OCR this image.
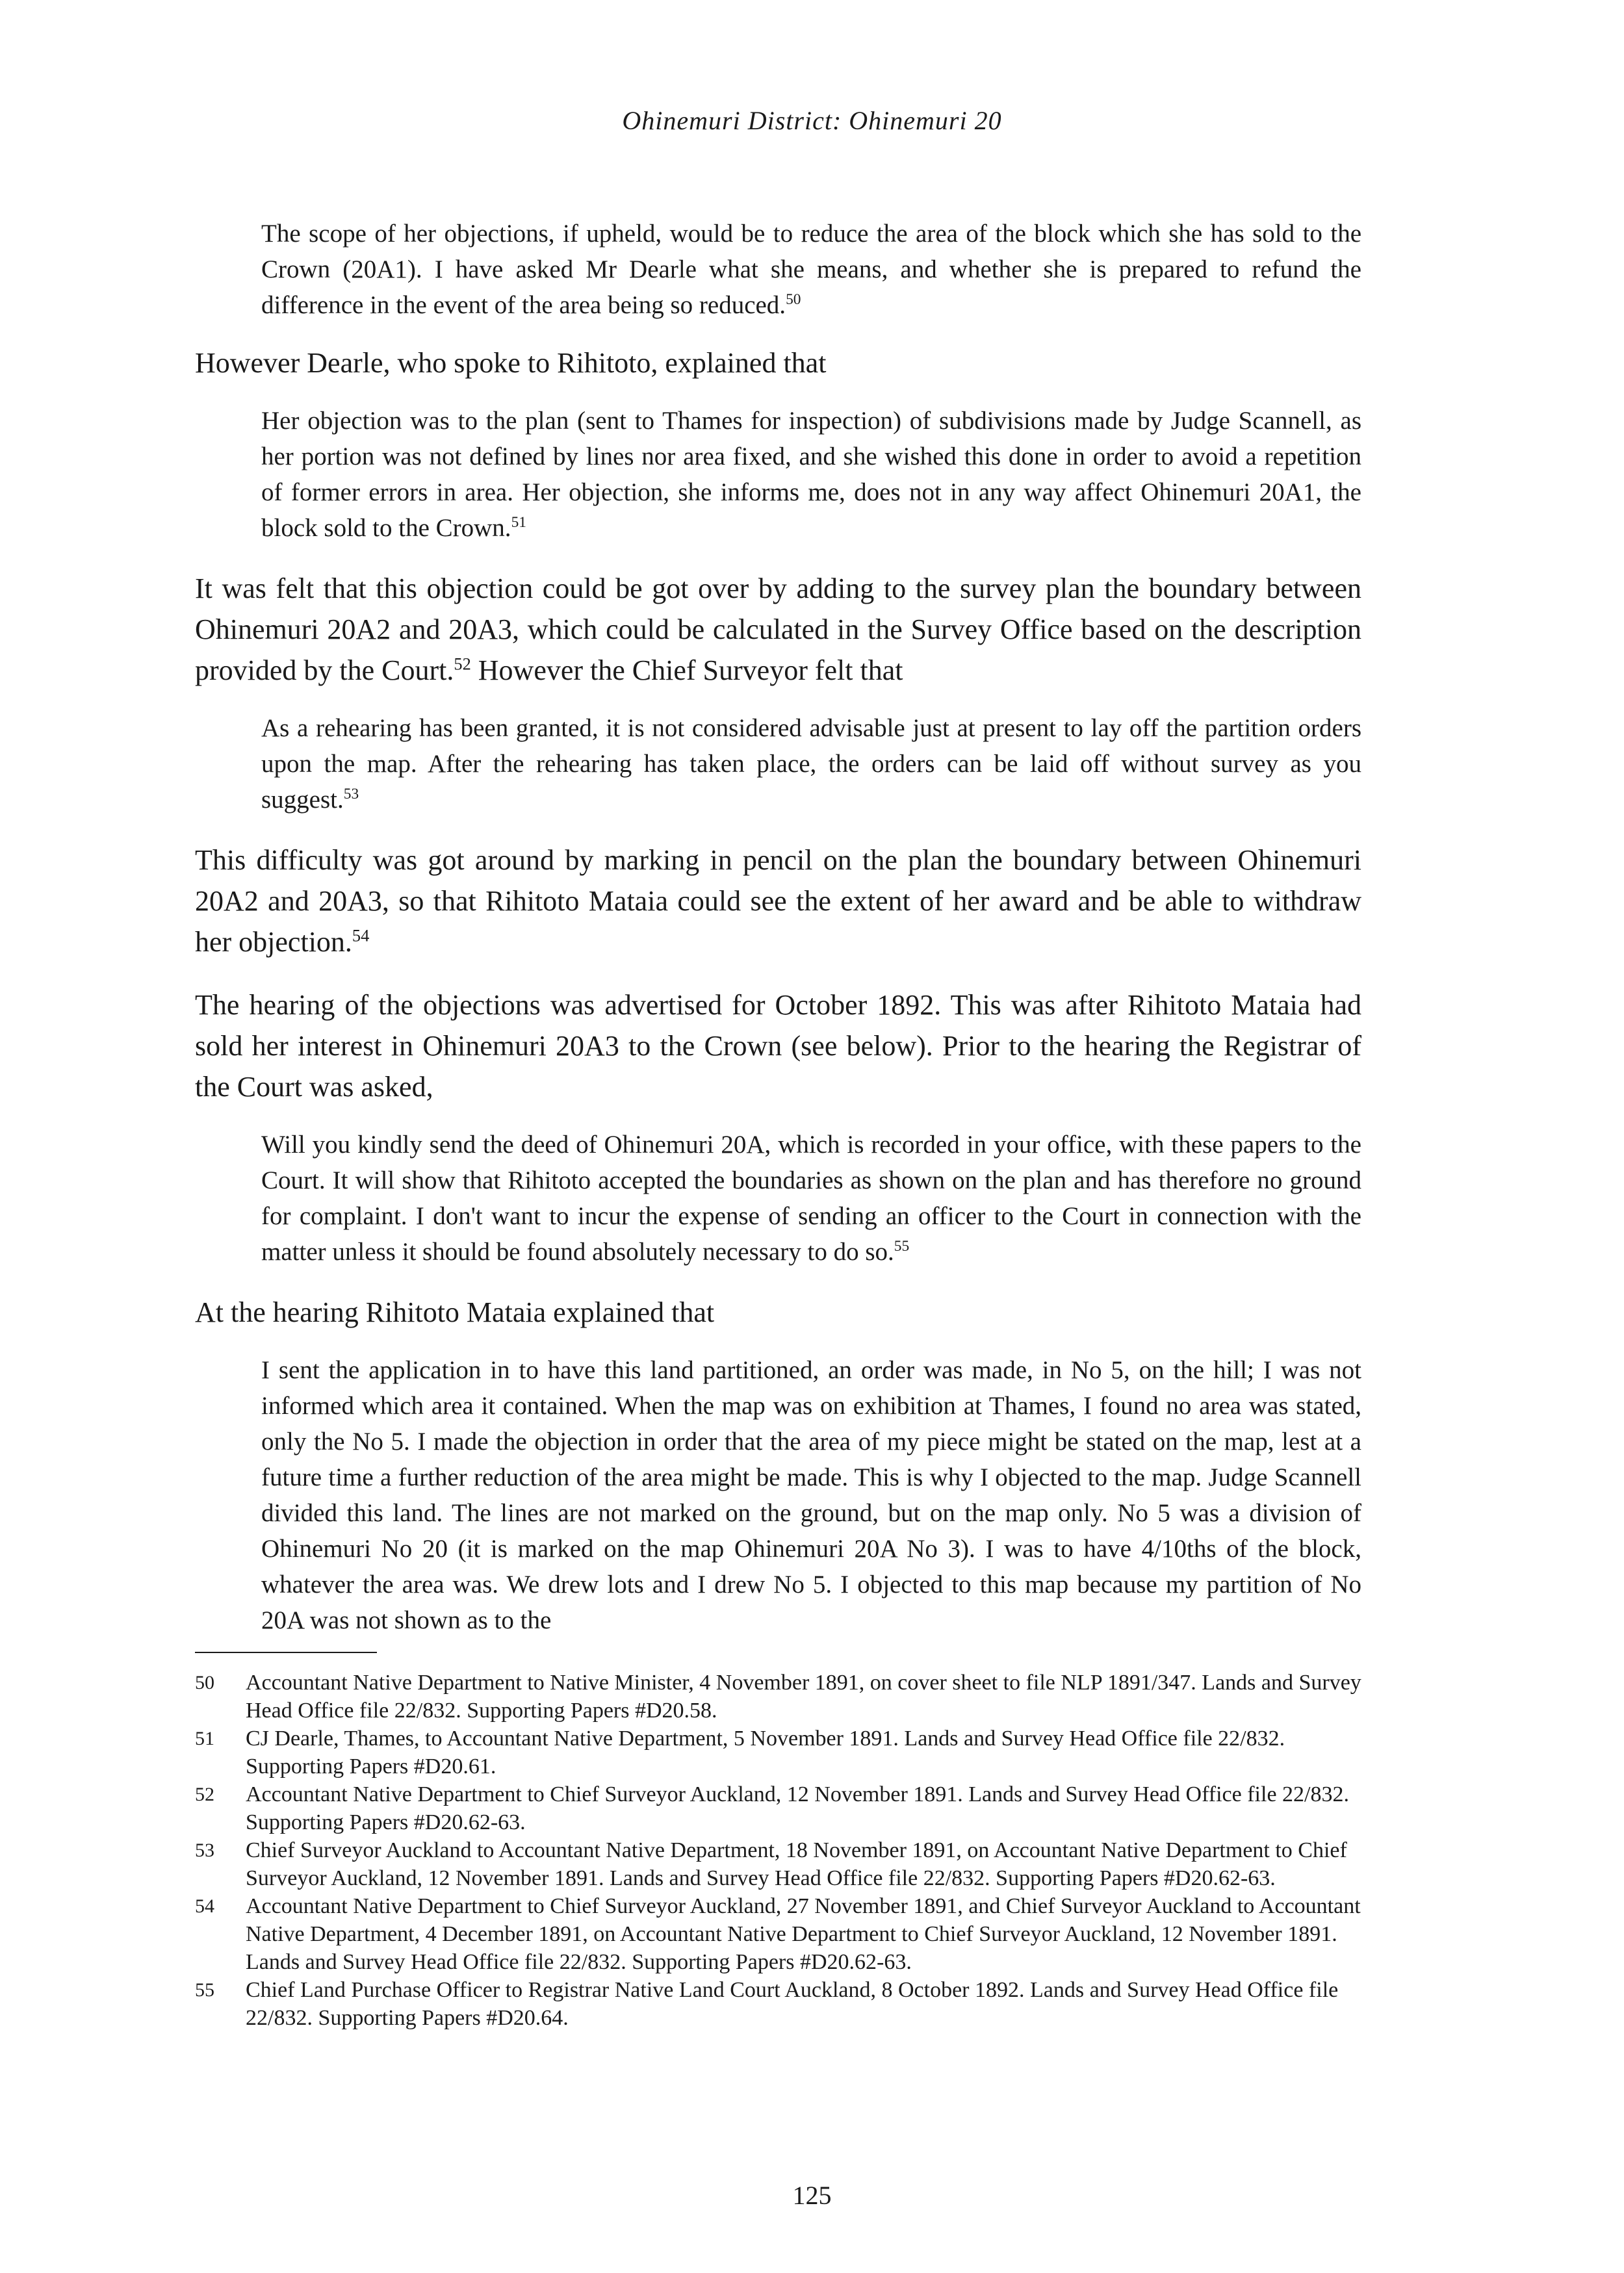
Ohinemuri District: Ohinemuri 20

The scope of her objections, if upheld, would be to reduce the area of the block which she has sold to the Crown (20A1). I have asked Mr Dearle what she means, and whether she is prepared to refund the difference in the event of the area being so reduced.$^{50}$

However Dearle, who spoke to Rihitoto, explained that

Her objection was to the plan (sent to Thames for inspection) of subdivisions made by Judge Scannell, as her portion was not defined by lines nor area fixed, and she wished this done in order to avoid a repetition of former errors in area. Her objection, she informs me, does not in any way affect Ohinemuri 20A1, the block sold to the Crown.$^{51}$

It was felt that this objection could be got over by adding to the survey plan the boundary between Ohinemuri 20A2 and 20A3, which could be calculated in the Survey Office based on the description provided by the Court.$^{52}$ However the Chief Surveyor felt that

As a rehearing has been granted, it is not considered advisable just at present to lay off the partition orders upon the map. After the rehearing has taken place, the orders can be laid off without survey as you suggest.$^{53}$

This difficulty was got around by marking in pencil on the plan the boundary between Ohinemuri 20A2 and 20A3, so that Rihitoto Mataia could see the extent of her award and be able to withdraw her objection.$^{54}$

The hearing of the objections was advertised for October 1892. This was after Rihitoto Mataia had sold her interest in Ohinemuri 20A3 to the Crown (see below). Prior to the hearing the Registrar of the Court was asked,

Will you kindly send the deed of Ohinemuri 20A, which is recorded in your office, with these papers to the Court. It will show that Rihitoto accepted the boundaries as shown on the plan and has therefore no ground for complaint. I don't want to incur the expense of sending an officer to the Court in connection with the matter unless it should be found absolutely necessary to do so.$^{55}$

At the hearing Rihitoto Mataia explained that

I sent the application in to have this land partitioned, an order was made, in No 5, on the hill; I was not informed which area it contained. When the map was on exhibition at Thames, I found no area was stated, only the No 5. I made the objection in order that the area of my piece might be stated on the map, lest at a future time a further reduction of the area might be made. This is why I objected to the map. Judge Scannell divided this land. The lines are not marked on the ground, but on the map only. No 5 was a division of Ohinemuri No 20 (it is marked on the map Ohinemuri 20A No 3). I was to have 4/10ths of the block, whatever the area was. We drew lots and I drew No 5. I objected to this map because my partition of No 20A was not shown as to the

50	Accountant Native Department to Native Minister, 4 November 1891, on cover sheet to file NLP 1891/347. Lands and Survey Head Office file 22/832. Supporting Papers #D20.58.
51	CJ Dearle, Thames, to Accountant Native Department, 5 November 1891. Lands and Survey Head Office file 22/832. Supporting Papers #D20.61.
52	Accountant Native Department to Chief Surveyor Auckland, 12 November 1891. Lands and Survey Head Office file 22/832. Supporting Papers #D20.62-63.
53	Chief Surveyor Auckland to Accountant Native Department, 18 November 1891, on Accountant Native Department to Chief Surveyor Auckland, 12 November 1891. Lands and Survey Head Office file 22/832. Supporting Papers #D20.62-63.
54	Accountant Native Department to Chief Surveyor Auckland, 27 November 1891, and Chief Surveyor Auckland to Accountant Native Department, 4 December 1891, on Accountant Native Department to Chief Surveyor Auckland, 12 November 1891. Lands and Survey Head Office file 22/832. Supporting Papers #D20.62-63.
55	Chief Land Purchase Officer to Registrar Native Land Court Auckland, 8 October 1892. Lands and Survey Head Office file 22/832. Supporting Papers #D20.64.
125
